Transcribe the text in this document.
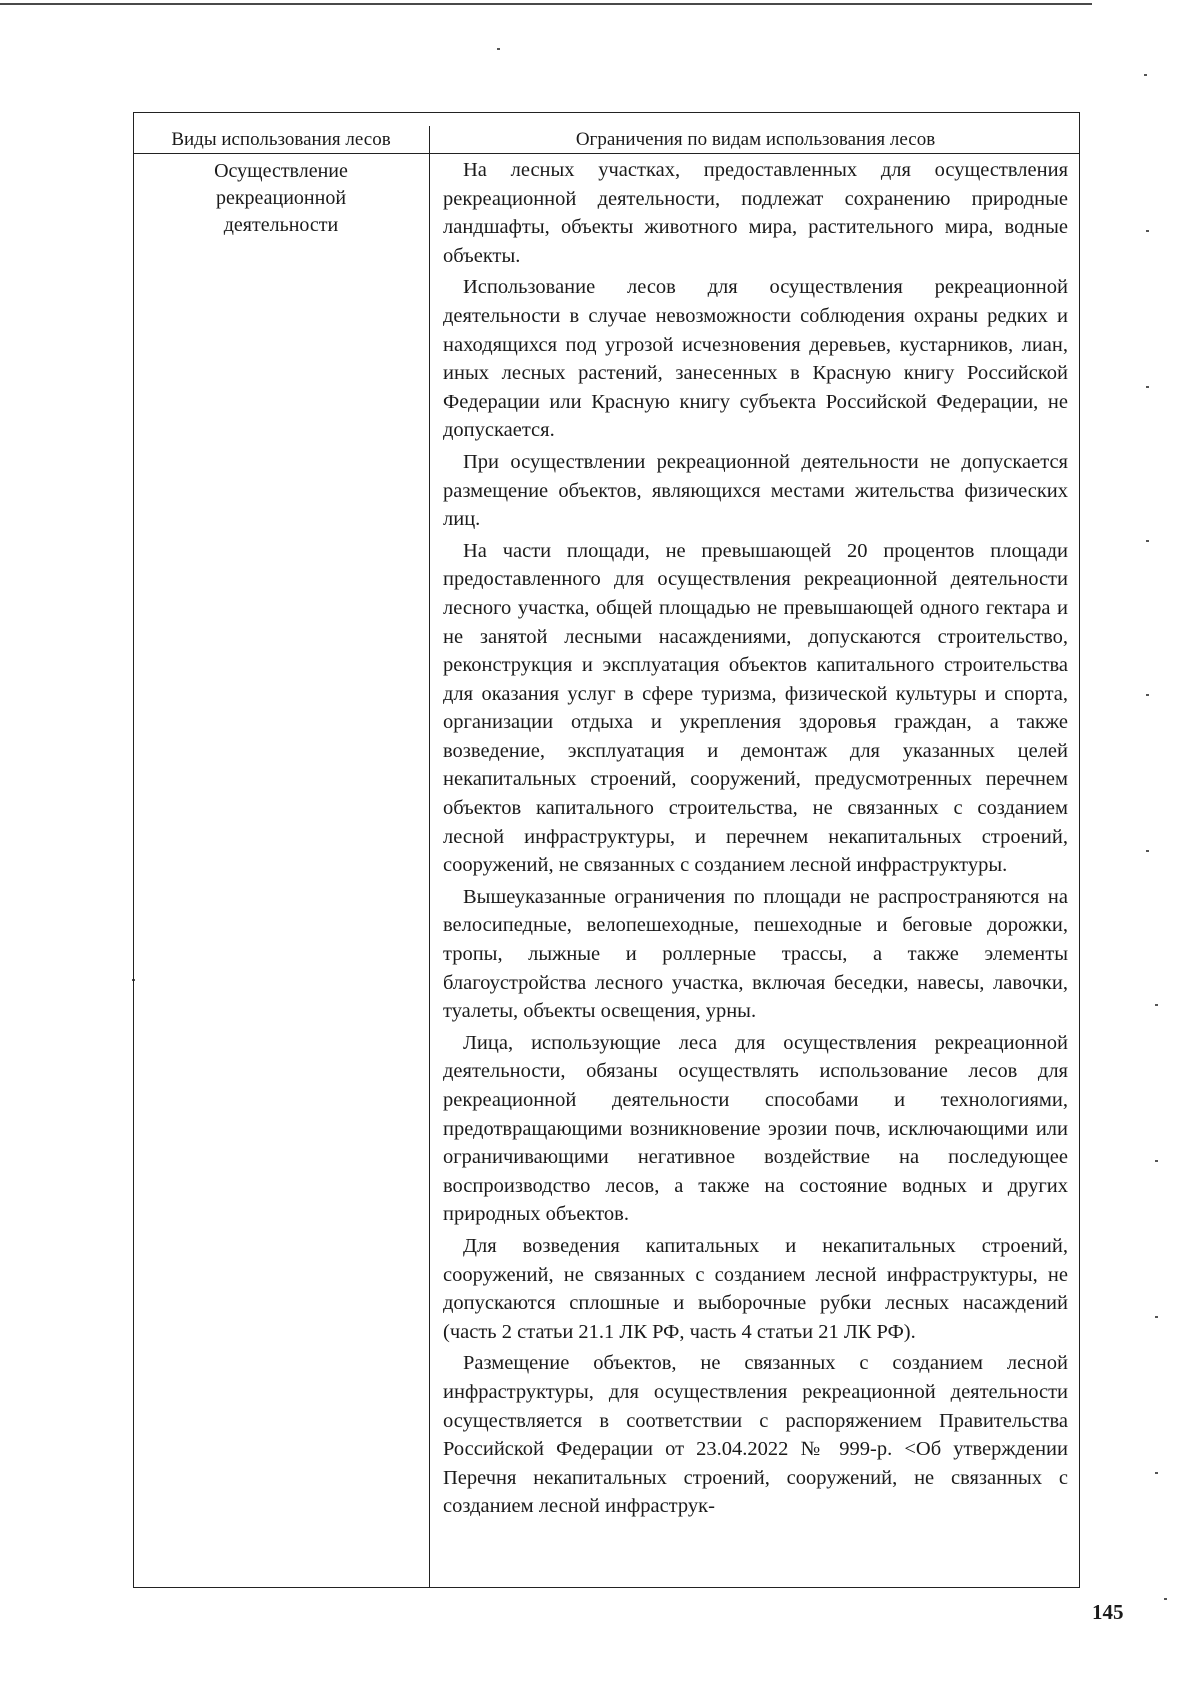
Виды использования лесов	Ограничения по видам использования лесов
Осуществление
рекреационной
деятельности

На лесных участках, предоставленных для осуществления рекреационной деятельности, подлежат сохранению природные ландшафты, объекты животного мира, растительного мира, водные объекты.

Использование лесов для осуществления рекреационной деятельности в случае невозможности соблюдения охраны редких и находящихся под угрозой исчезновения деревьев, кустарников, лиан, иных лесных растений, занесенных в Красную книгу Российской Федерации или Красную книгу субъекта Российской Федерации, не допускается.

При осуществлении рекреационной деятельности не допускается размещение объектов, являющихся местами жительства физических лиц.

На части площади, не превышающей 20 процентов площади предоставленного для осуществления рекреационной деятельности лесного участка, общей площадью не превышающей одного гектара и не занятой лесными насаждениями, допускаются строительство, реконструкция и эксплуатация объектов капитального строительства для оказания услуг в сфере туризма, физической культуры и спорта, организации отдыха и укрепления здоровья граждан, а также возведение, эксплуатация и демонтаж для указанных целей некапитальных строений, сооружений, предусмотренных перечнем объектов капитального строительства, не связанных с созданием лесной инфраструктуры, и перечнем некапитальных строений, сооружений, не связанных с созданием лесной инфраструктуры.

Вышеуказанные ограничения по площади не распространяются на велосипедные, велопешеходные, пешеходные и беговые дорожки, тропы, лыжные и роллерные трассы, а также элементы благоустройства лесного участка, включая беседки, навесы, лавочки, туалеты, объекты освещения, урны.

Лица, использующие леса для осуществления рекреационной деятельности, обязаны осуществлять использование лесов для рекреационной деятельности способами и технологиями, предотвращающими возникновение эрозии почв, исключающими или ограничивающими негативное воздействие на последующее воспроизводство лесов, а также на состояние водных и других природных объектов.

Для возведения капитальных и некапитальных строений, сооружений, не связанных с созданием лесной инфраструктуры, не допускаются сплошные и выборочные рубки лесных насаждений (часть 2 статьи 21.1 ЛК РФ, часть 4 статьи 21 ЛК РФ).

Размещение объектов, не связанных с созданием лесной инфраструктуры, для осуществления рекреационной деятельности осуществляется в соответствии с распоряжением Правительства Российской Федерации от 23.04.2022 № 999-р. <Об утверждении Перечня некапитальных строений, сооружений, не связанных с созданием лесной инфраструк-

145
